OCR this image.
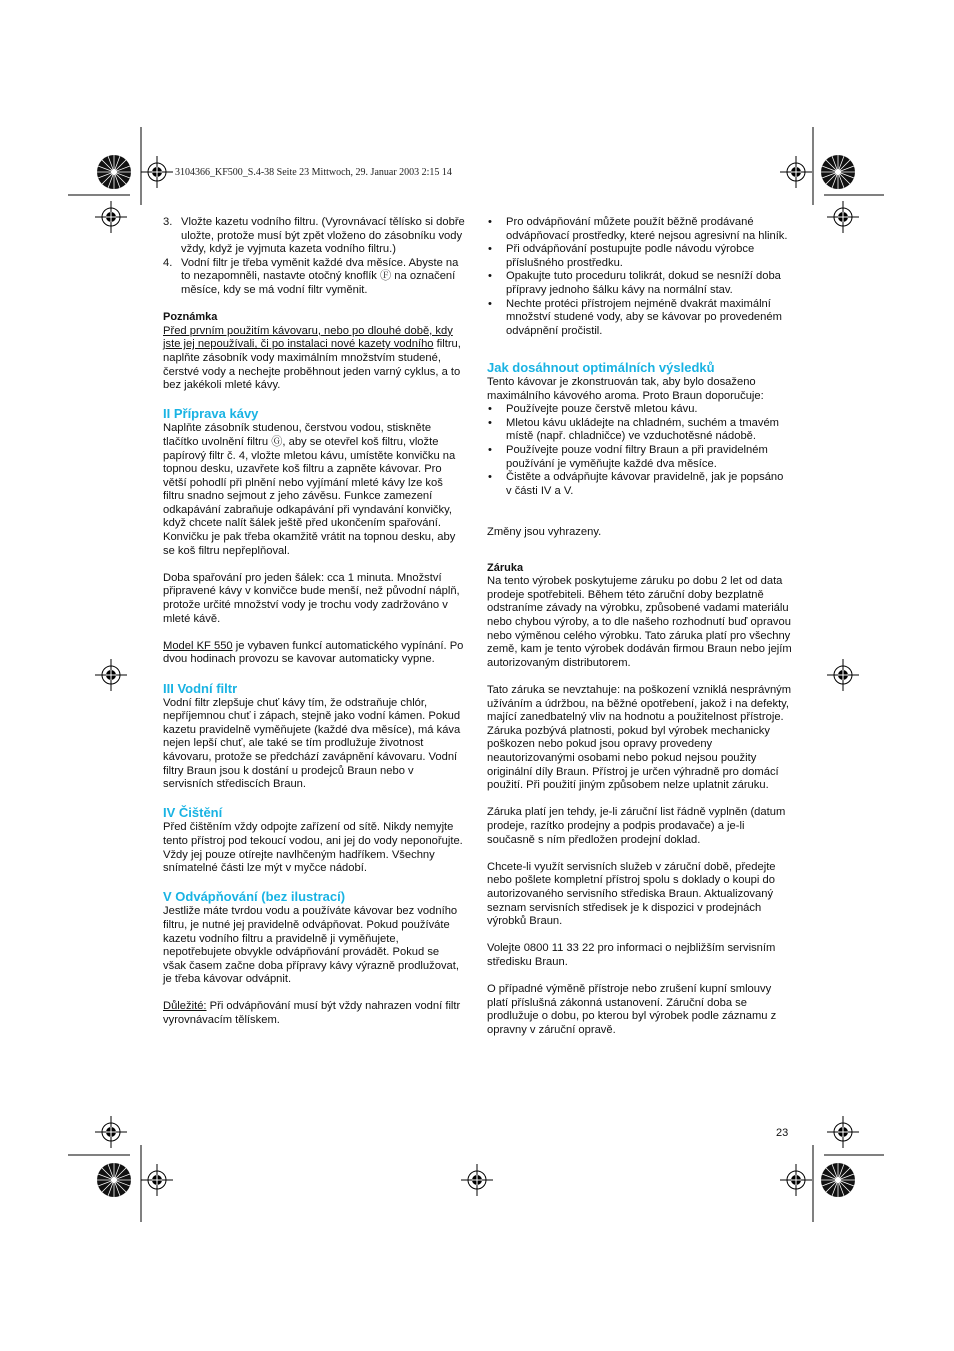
3104366_KF500_S.4-38 Seite 23 Mittwoch, 29. Januar 2003 2:15 14
3. Vložte kazetu vodního filtru. (Vyrovnávací tělísko si dobře uložte, protože musí být zpět vloženo do zásobníku vody vždy, když je vyjmuta kazeta vodního filtru.)
4. Vodní filtr je třeba vyměnit každé dva měsíce. Abyste na to nezapomněli, nastavte otočný knoflík Ⓕ na označení měsíce, kdy se má vodní filtr vyměnit.
Poznámka

Před prvním použitím kávovaru, nebo po dlouhé době, kdy jste jej nepoužívali, či po instalaci nové kazety vodního filtru, naplňte zásobník vody maximálním množstvím studené, čerstvé vody a nechejte proběhnout jeden varný cyklus, a to bez jakékoli mleté kávy.

II Příprava kávy

Naplňte zásobník studenou, čerstvou vodou, stiskněte tlačítko uvolnění filtru Ⓖ, aby se otevřel koš filtru, vložte papírový filtr č. 4, vložte mletou kávu, umístěte konvičku na topnou desku, uzavřete koš filtru a zapněte kávovar. Pro větší pohodlí při plnění nebo vyjímání mleté kávy lze koš filtru snadno sejmout z jeho závěsu. Funkce zamezení odkapávání zabraňuje odkapávání při vyndavání konvičky, když chcete nalít šálek ještě před ukončením spařování. Konvičku je pak třeba okamžitě vrátit na topnou desku, aby se koš filtru nepřeplňoval.

Doba spařování pro jeden šálek: cca 1 minuta. Množství připravené kávy v konvičce bude menší, než původní náplň, protože určité množství vody je trochu vody zadržováno v mleté kávě.

Model KF 550 je vybaven funkcí automatického vypínání. Po dvou hodinach provozu se kavovar automaticky vypne.

III Vodní filtr

Vodní filtr zlepšuje chuť kávy tím, že odstraňuje chlór, nepříjemnou chuť i zápach, stejně jako vodní kámen. Pokud kazetu pravidelně vyměňujete (každé dva měsíce), má káva nejen lepší chuť, ale také se tím prodlužuje životnost kávovaru, protože se předchází zavápnění kávovaru. Vodní filtry Braun jsou k dostání u prodejců Braun nebo v servisních střediscích Braun.

IV Čištění

Před čištěním vždy odpojte zařízení od sítě. Nikdy nemyjte tento přístroj pod tekoucí vodou, ani jej do vody neponořujte. Vždy jej pouze otírejte navlhčeným hadříkem. Všechny snímatelné části lze mýt v myčce nádobí.

V Odvápňování (bez ilustrací)

Jestliže máte tvrdou vodu a používáte kávovar bez vodního filtru, je nutné jej pravidelně odvápňovat. Pokud používáte kazetu vodního filtru a pravidelně ji vyměňujete, nepotřebujete obvykle odvápňování provádět. Pokud se však časem začne doba přípravy kávy výrazně prodlužovat, je třeba kávovar odvápnit.

Důležité: Při odvápňování musí být vždy nahrazen vodní filtr vyrovnávacím tělískem.

• Pro odvápňování můžete použít běžně prodávané odvápňovací prostředky, které nejsou agresivní na hliník.
• Při odvápňování postupujte podle návodu výrobce příslušného prostředku.
• Opakujte tuto proceduru tolikrát, dokud se nesníží doba přípravy jednoho šálku kávy na normální stav.
• Nechte protéci přístrojem nejméně dvakrát maximální množství studené vody, aby se kávovar po provedeném odvápnění pročistil.
Jak dosáhnout optimálních výsledků

Tento kávovar je zkonstruován tak, aby bylo dosaženo maximálního kávového aroma. Proto Braun doporučuje:

• Používejte pouze čerstvě mletou kávu.
• Mletou kávu ukládejte na chladném, suchém a tmavém místě (např. chladničce) ve vzduchotěsné nádobě.
• Používejte pouze vodní filtry Braun a při pravidelném používání je vyměňujte každé dva měsíce.
• Čistěte a odvápňujte kávovar pravidelně, jak je popsáno v části IV a V.

Změny jsou vyhrazeny.

Záruka

Na tento výrobek poskytujeme záruku po dobu 2 let od data prodeje spotřebiteli. Během této záruční doby bezplatně odstraníme závady na výrobku, způsobené vadami materiálu nebo chybou výroby, a to dle našeho rozhodnutí buď opravou nebo výměnou celého výrobku. Tato záruka platí pro všechny země, kam je tento výrobek dodáván firmou Braun nebo jejím autorizovaným distributorem.

Tato záruka se nevztahuje: na poškození vzniklá nesprávným užíváním a údržbou, na běžné opotřebení, jakož i na defekty, mající zanedbatelný vliv na hodnotu a použitelnost přístroje. Záruka pozbývá platnosti, pokud byl výrobek mechanicky poškozen nebo pokud jsou opravy provedeny neautorizovanými osobami nebo pokud nejsou použity originální díly Braun. Přístroj je určen výhradně pro domácí použití. Při použití jiným způsobem nelze uplatnit záruku.

Záruka platí jen tehdy, je-li záruční list řádně vyplněn (datum prodeje, razítko prodejny a podpis prodavače) a je-li současně s ním předložen prodejní doklad.

Chcete-li využít servisních služeb v záruční době, předejte nebo pošlete kompletní přístroj spolu s doklady o koupi do autorizovaného servisního střediska Braun. Aktualizovaný seznam servisních středisek je k dispozici v prodejnách výrobků Braun.

Volejte 0800 11 33 22 pro informaci o nejbližším servisním středisku Braun.

O případné výměně přístroje nebo zrušení kupní smlouvy platí příslušná zákonná ustanovení. Záruční doba se prodlužuje o dobu, po kterou byl výrobek podle záznamu z opravny v záruční opravě.

23
